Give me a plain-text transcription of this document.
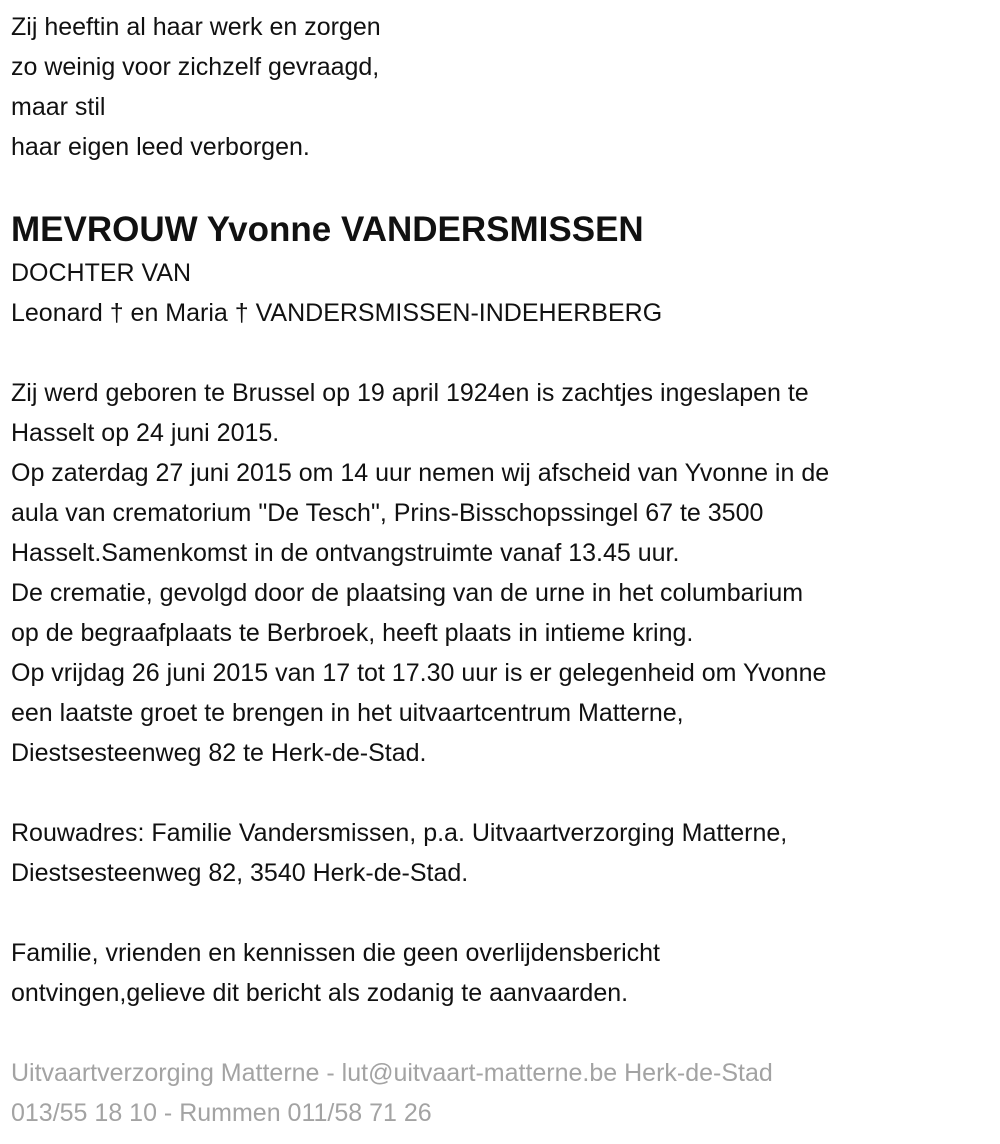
Zij heeftin al haar werk en zorgen
zo weinig voor zichzelf gevraagd,
maar stil
haar eigen leed verborgen.
MEVROUW Yvonne VANDERSMISSEN
DOCHTER VAN
Leonard † en Maria † VANDERSMISSEN-INDEHERBERG
Zij werd geboren te Brussel op 19 april 1924en is zachtjes ingeslapen te
Hasselt op 24 juni 2015.
Op zaterdag 27 juni 2015 om 14 uur nemen wij afscheid van Yvonne in de
aula van crematorium "De Tesch", Prins-Bisschopssingel 67 te 3500
Hasselt.Samenkomst in de ontvangstruimte vanaf 13.45 uur.
De crematie, gevolgd door de plaatsing van de urne in het columbarium
op de begraafplaats te Berbroek, heeft plaats in intieme kring.
Op vrijdag 26 juni 2015 van 17 tot 17.30 uur is er gelegenheid om Yvonne
een laatste groet te brengen in het uitvaartcentrum Matterne,
Diestsesteenweg 82 te Herk-de-Stad.
Rouwadres: Familie Vandersmissen, p.a. Uitvaartverzorging Matterne,
Diestsesteenweg 82, 3540 Herk-de-Stad.
Familie, vrienden en kennissen die geen overlijdensbericht
ontvingen,gelieve dit bericht als zodanig te aanvaarden.
Uitvaartverzorging Matterne - lut@uitvaart-matterne.be Herk-de-Stad
013/55 18 10 - Rummen 011/58 71 26
